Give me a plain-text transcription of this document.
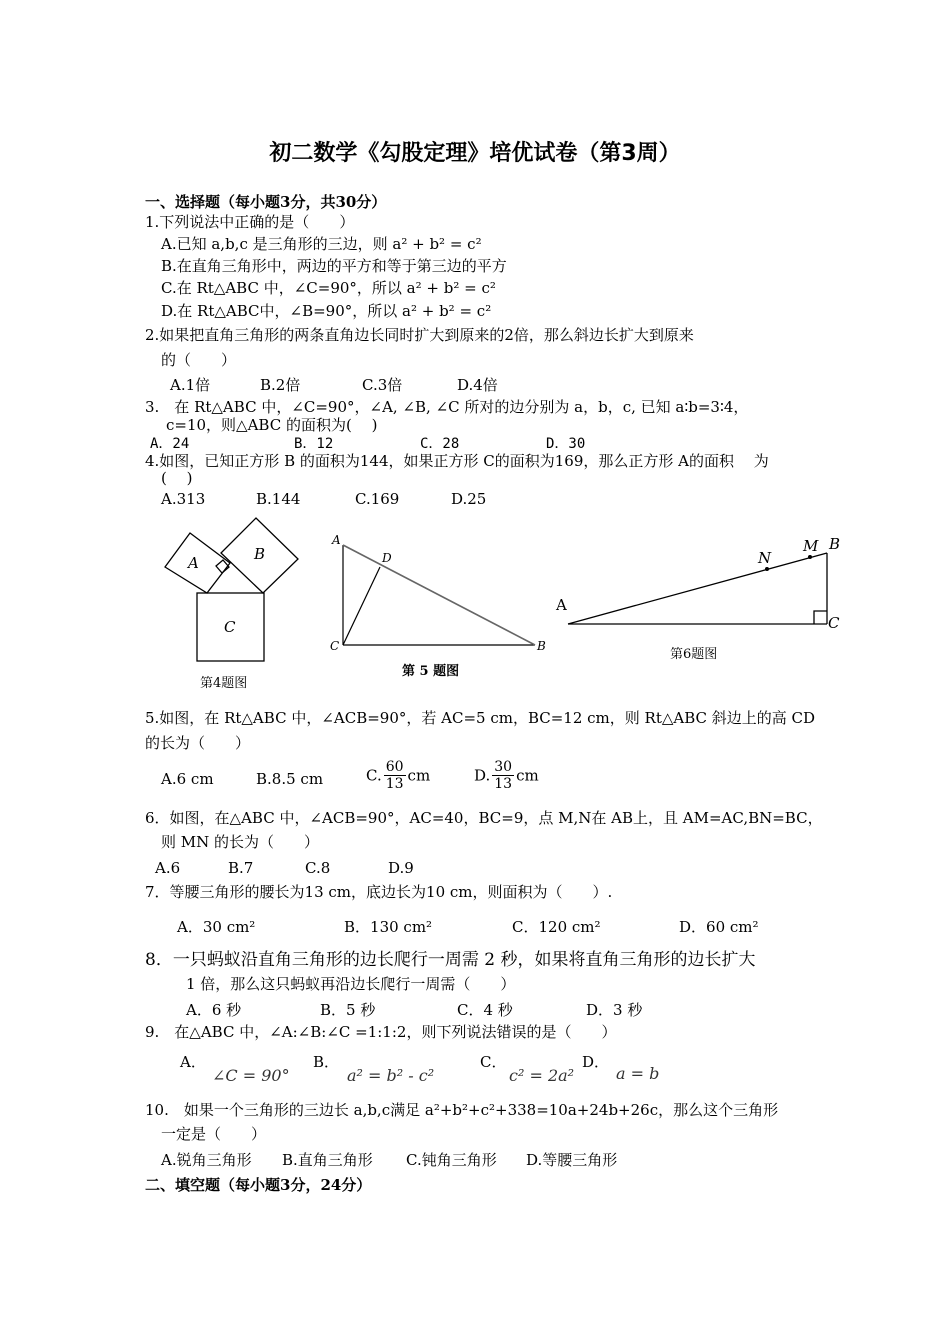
初二数学《勾股定理》培优试卷（第3周）
一、选择题（每小题3分，共30分）
1.下列说法中正确的是（　　）
A.已知 a,b,c 是三角形的三边，则 a² + b² = c²
B.在直角三角形中，两边的平方和等于第三边的平方
C.在 Rt△ABC 中，∠C=90°，所以 a² + b² = c²
D.在 Rt△ABC中，∠B=90°，所以 a² + b² = c²
2.如果把直角三角形的两条直角边长同时扩大到原来的2倍，那么斜边长扩大到原来
的（　　）
A.1倍	B.2倍	C.3倍	D.4倍
3.　在 Rt△ABC 中，∠C=90°，∠A, ∠B, ∠C 所对的边分别为 a，b，c, 已知 a∶b=3∶4，
c=10，则△ABC 的面积为(　 )
A．24	B．12	C．28	D．30
4.如图，已知正方形 B 的面积为144，如果正方形 C的面积为169，那么正方形 A的面积　 为
(　 )
A.313	B.144	C.169	D.25
A	B
C
第4题图
A
D
C	B
第 5 题图
A
N
M B
C
第6题图
5.如图，在 Rt△ABC 中，∠ACB=90°，若 AC=5 cm，BC=12 cm，则 Rt△ABC 斜边上的高 CD
的长为（　　）
A.6 cm	B.8.5 cm	C. $\frac{60}{13}$ cm	D. $\frac{30}{13}$ cm
6．如图，在△ABC 中，∠ACB=90°，AC=40，BC=9，点 M,N在 AB上，且 AM=AC,BN=BC，
则 MN 的长为（　　）
A.6	B.7	C.8	D.9
7．等腰三角形的腰长为13 cm，底边长为10 cm，则面积为（　　）.
A．30 cm²	B．130 cm²	C．120 cm²	D．60 cm²
8．一只蚂蚁沿直角三角形的边长爬行一周需 2 秒，如果将直角三角形的边长扩大
1 倍，那么这只蚂蚁再沿边长爬行一周需（　　）
A．6 秒	B．5 秒	C．4 秒	D．3 秒
9.　在△ABC 中，∠A:∠B:∠C =1:1:2，则下列说法错误的是（　　）
A．
∠C = 90°
B．
a² = b² - c²
C．
c² = 2a²
D．
a = b
10.　如果一个三角形的三边长 a,b,c满足 a²+b²+c²+338=10a+24b+26c，那么这个三角形
一定是（　　）
A.锐角三角形 B.直角三角形 C.钝角三角形 D.等腰三角形
二、填空题（每小题3分，24分）
